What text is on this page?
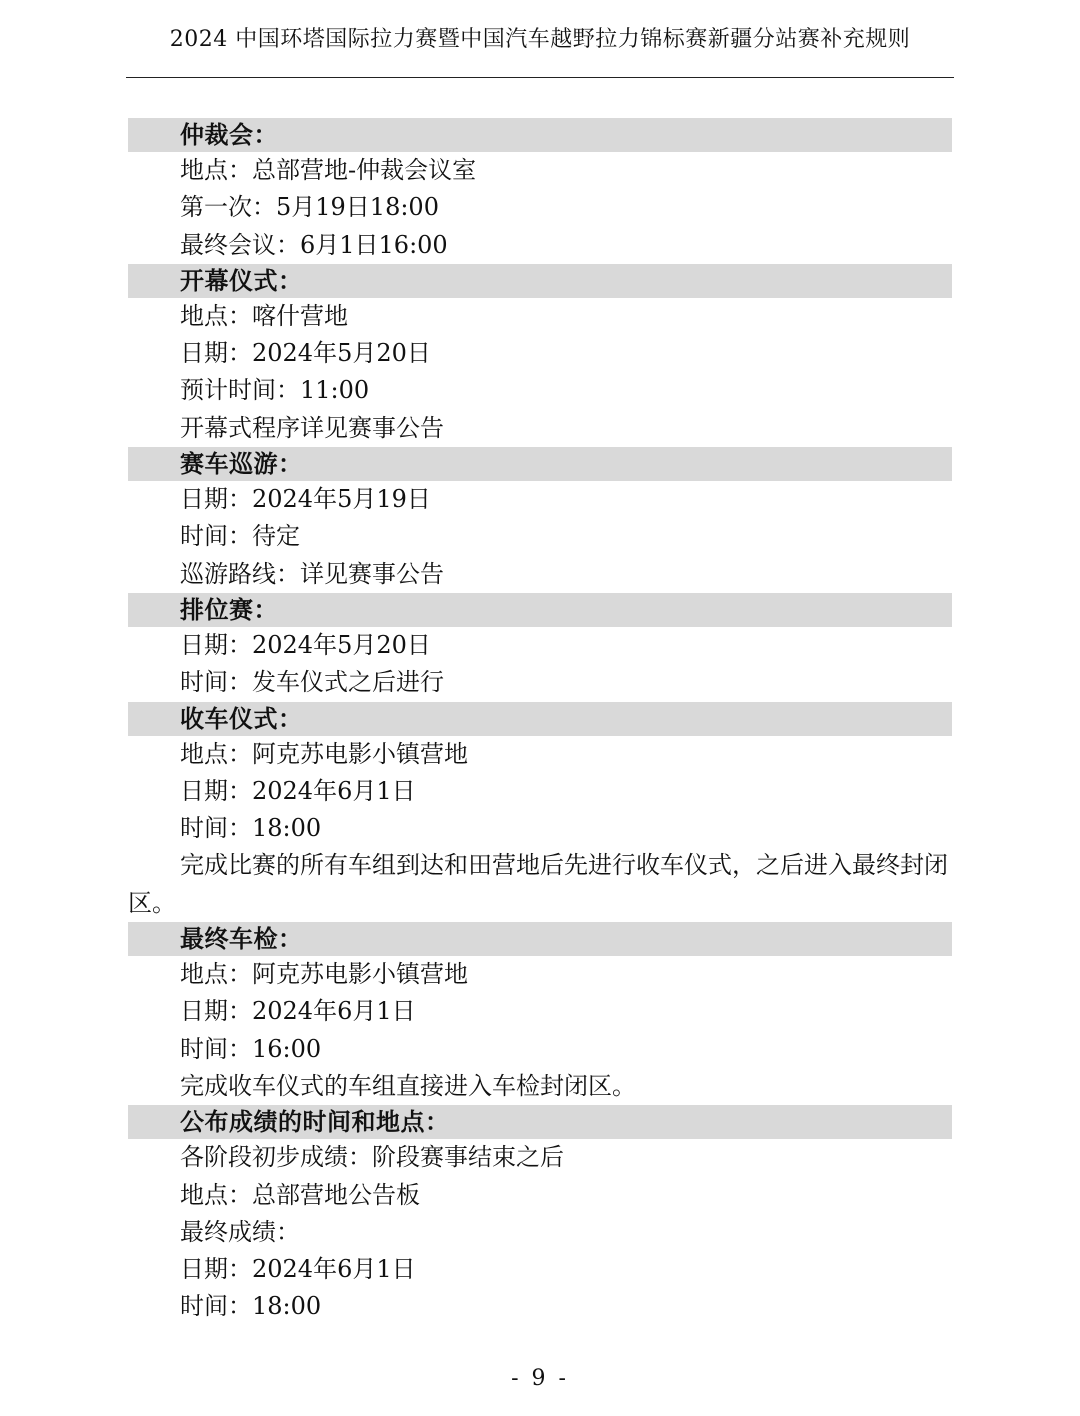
2024 中国环塔国际拉力赛暨中国汽车越野拉力锦标赛新疆分站赛补充规则
仲裁会：
地点：总部营地-仲裁会议室
第一次：5月19日18:00
最终会议：6月1日16:00
开幕仪式：
地点：喀什营地
日期：2024年5月20日
预计时间：11:00
开幕式程序详见赛事公告
赛车巡游：
日期：2024年5月19日
时间：待定
巡游路线：详见赛事公告
排位赛：
日期：2024年5月20日
时间：发车仪式之后进行
收车仪式：
地点：阿克苏电影小镇营地
日期：2024年6月1日
时间：18:00
完成比赛的所有车组到达和田营地后先进行收车仪式，之后进入最终封闭区。
最终车检：
地点：阿克苏电影小镇营地
日期：2024年6月1日
时间：16:00
完成收车仪式的车组直接进入车检封闭区。
公布成绩的时间和地点：
各阶段初步成绩：阶段赛事结束之后
地点：总部营地公告板
最终成绩：
日期：2024年6月1日
时间：18:00
- 9 -
